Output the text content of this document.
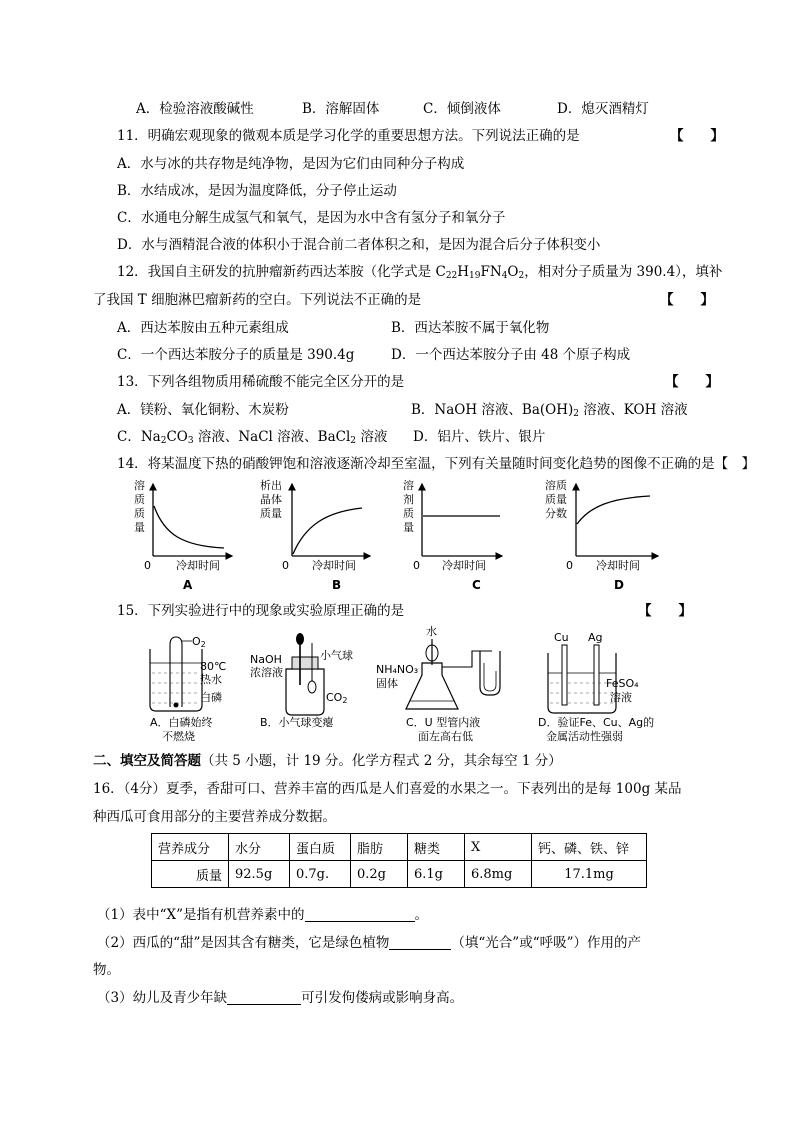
A．检验溶液酸碱性	B．溶解固体	C．倾倒液体	D．熄灭酒精灯
11．明确宏观现象的微观本质是学习化学的重要思想方法。下列说法正确的是	【　　】
A．水与冰的共存物是纯净物，是因为它们由同种分子构成
B．水结成冰，是因为温度降低，分子停止运动
C．水通电分解生成氢气和氧气，是因为水中含有氢分子和氧分子
D．水与酒精混合液的体积小于混合前二者体积之和，是因为混合后分子体积变小
12．我国自主研发的抗肿瘤新药西达苯胺（化学式是 $C_{22}H_{19}FN_4O_2$，相对分子质量为 390.4），填补
了我国 T 细胞淋巴瘤新药的空白。下列说法不正确的是	【　　】
A．西达苯胺由五种元素组成	B．西达苯胺不属于氧化物
C．一个西达苯胺分子的质量是 390.4g	D．一个西达苯胺分子由 48 个原子构成
13．下列各组物质用稀硫酸不能完全区分开的是	【　　】
A．镁粉、氧化铜粉、木炭粉	B．NaOH 溶液、$Ba(OH)_2$ 溶液、KOH 溶液
C．$Na_2CO_3$ 溶液、NaCl 溶液、BaCl$_2$ 溶液 D．铝片、铁片、银片
14．将某温度下热的硝酸钾饱和溶液逐渐冷却至室温，下列有关量随时间变化趋势的图像不正确的是【　】
溶
质
质
量
0 冷却时间
A
析出
晶体
质量
0 冷却时间
B
溶
剂
质
量
0 冷却时间
C
溶质
质量
分数
0 冷却时间
D
15．下列实验进行中的现象或实验原理正确的是	【　　】
O2
80℃
热水
白磷
A．白磷始终
不燃烧
NaOH
浓溶液
小气球
CO2
B．小气球变瘪
水
NH₄NO₃
固体
C．U 型管内液
面左高右低
Cu Ag
FeSO₄
溶液
D．验证Fe、Cu、Ag的
金属活动性强弱
二、填空及简答题（共 5 小题，计 19 分。化学方程式 2 分，其余每空 1 分）
16．（4分）夏季，香甜可口、营养丰富的西瓜是人们喜爱的水果之一。下表列出的是每 100g 某品
种西瓜可食用部分的主要营养成分数据。
营养成分	水分	蛋白质	脂肪	糖类	X	钙、磷、铁、锌
质量	92.5g	0.7g.	0.2g	6.1g	6.8mg	17.1mg
（1）表中“X”是指有机营养素中的	。
（2）西瓜的“甜”是因其含有糖类，它是绿色植物	（填“光合”或“呼吸”）作用的产
物。
（3）幼儿及青少年缺	可引发佝偻病或影响身高。
